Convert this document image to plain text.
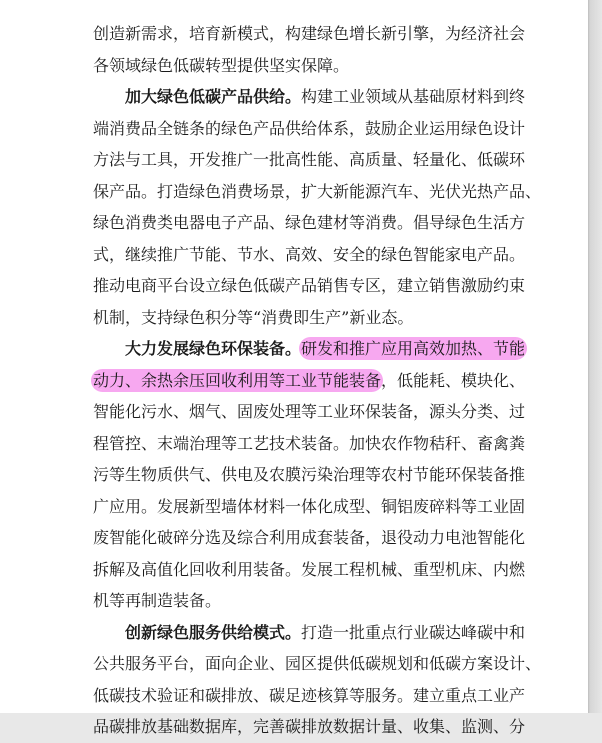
创造新需求，培育新模式，构建绿色增长新引擎，为经济社会
各领域绿色低碳转型提供坚实保障。
加大绿色低碳产品供给。构建工业领域从基础原材料到终
端消费品全链条的绿色产品供给体系，鼓励企业运用绿色设计
方法与工具，开发推广一批高性能、高质量、轻量化、低碳环
保产品。打造绿色消费场景，扩大新能源汽车、光伏光热产品、
绿色消费类电器电子产品、绿色建材等消费。倡导绿色生活方
式，继续推广节能、节水、高效、安全的绿色智能家电产品。
推动电商平台设立绿色低碳产品销售专区，建立销售激励约束
机制，支持绿色积分等“消费即生产”新业态。
大力发展绿色环保装备。研发和推广应用高效加热、节能
动力、余热余压回收利用等工业节能装备，低能耗、模块化、
智能化污水、烟气、固废处理等工业环保装备，源头分类、过
程管控、末端治理等工艺技术装备。加快农作物秸秆、畜禽粪
污等生物质供气、供电及农膜污染治理等农村节能环保装备推
广应用。发展新型墙体材料一体化成型、铜铝废碎料等工业固
废智能化破碎分选及综合利用成套装备，退役动力电池智能化
拆解及高值化回收利用装备。发展工程机械、重型机床、内燃
机等再制造装备。
创新绿色服务供给模式。打造一批重点行业碳达峰碳中和
公共服务平台，面向企业、园区提供低碳规划和低碳方案设计、
低碳技术验证和碳排放、碳足迹核算等服务。建立重点工业产
品碳排放基础数据库，完善碳排放数据计量、收集、监测、分
